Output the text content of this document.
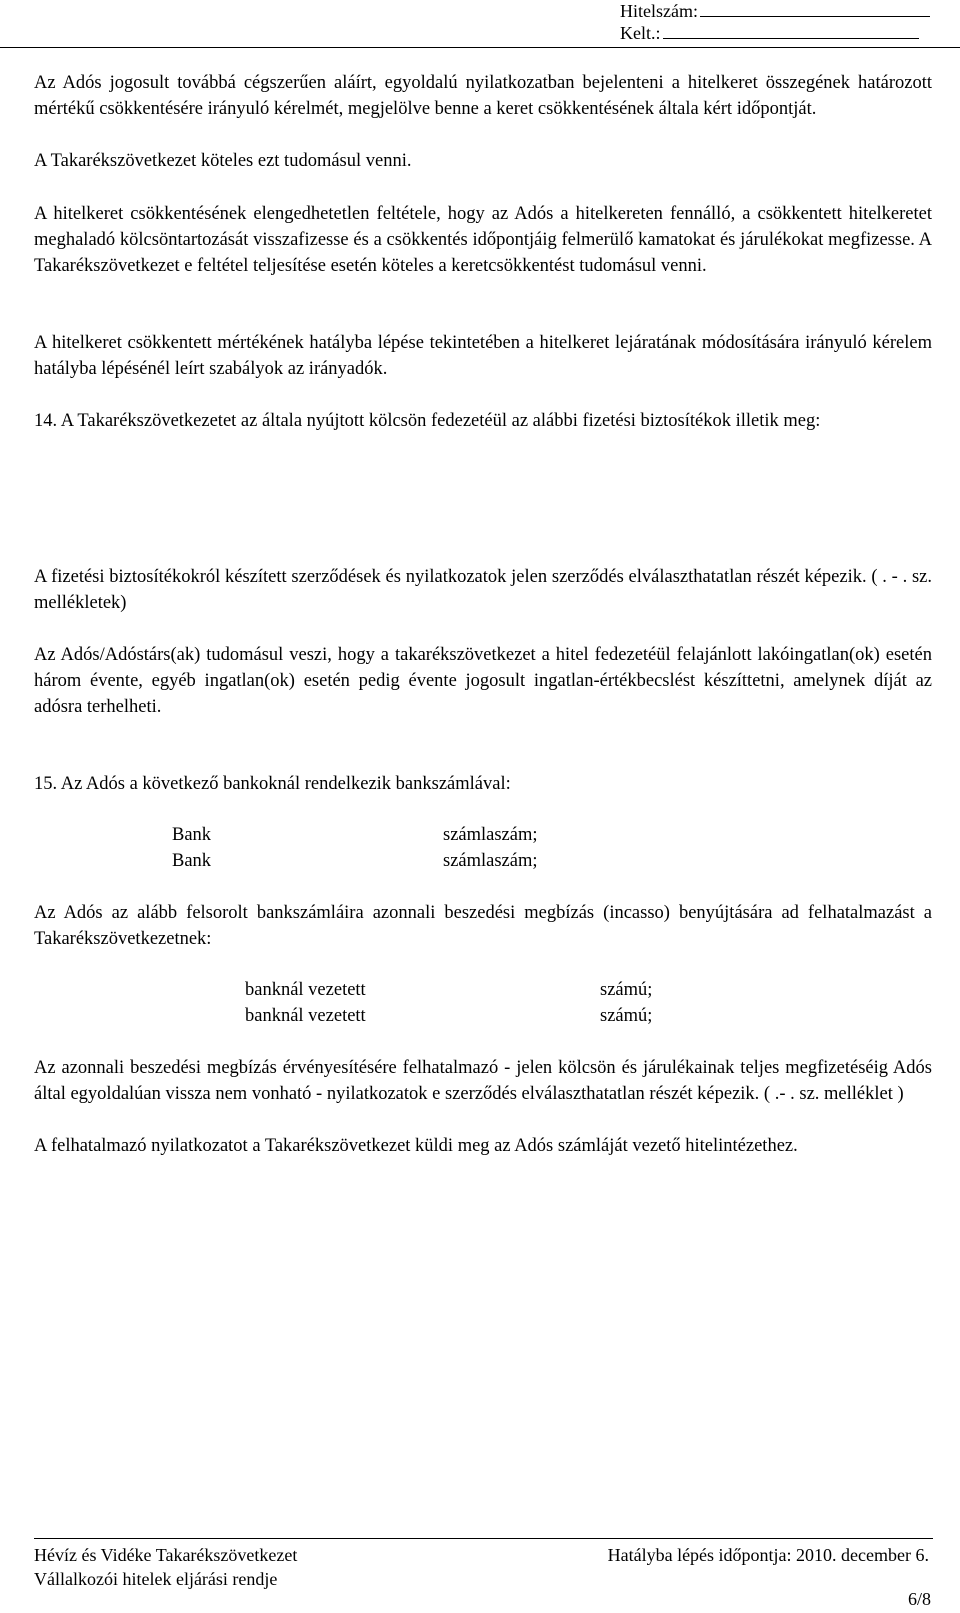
Hitelszám:
Kelt.:

Az Adós jogosult továbbá cégszerűen aláírt, egyoldalú nyilatkozatban bejelenteni a hitelkeret összegének határozott mértékű csökkentésére irányuló kérelmét, megjelölve benne a keret csökkentésének általa kért időpontját.

A Takarékszövetkezet köteles ezt tudomásul venni.

A hitelkeret csökkentésének elengedhetetlen feltétele, hogy az Adós a hitelkereten fennálló, a csökkentett hitelkeretet meghaladó kölcsöntartozását visszafizesse és a csökkentés időpontjáig felmerülő kamatokat és járulékokat megfizesse. A Takarékszövetkezet e feltétel teljesítése esetén köteles a keretcsökkentést tudomásul venni.

A hitelkeret csökkentett mértékének hatályba lépése tekintetében a hitelkeret lejáratának módosítására irányuló kérelem hatályba lépésénél leírt szabályok az irányadók.

14. A Takarékszövetkezetet az általa nyújtott kölcsön fedezetéül az alábbi fizetési biztosítékok illetik meg:

A fizetési biztosítékokról készített szerződések és nyilatkozatok jelen szerződés elválaszthatatlan részét képezik. ( . - . sz. mellékletek)

Az Adós/Adóstárs(ak) tudomásul veszi, hogy a takarékszövetkezet a hitel fedezetéül felajánlott lakóingatlan(ok) esetén három évente, egyéb ingatlan(ok) esetén pedig évente jogosult ingatlan-értékbecslést készíttetni, amelynek díját az adósra terhelheti.

15. Az Adós a következő bankoknál rendelkezik bankszámlával:

Bank	számlaszám;
Bank	számlaszám;

Az Adós az alább felsorolt bankszámláira azonnali beszedési megbízás (incasso) benyújtására ad felhatalmazást a Takarékszövetkezetnek:

banknál vezetett	számú;
banknál vezetett	számú;

Az azonnali beszedési megbízás érvényesítésére felhatalmazó - jelen kölcsön és járulékainak teljes megfizetéséig Adós által egyoldalúan vissza nem vonható - nyilatkozatok e szerződés elválaszthatatlan részét képezik. ( .- . sz. melléklet )

A felhatalmazó nyilatkozatot a Takarékszövetkezet küldi meg az Adós számláját vezető hitelintézethez.

Hévíz és Vidéke Takarékszövetkezet
Vállalkozói hitelek eljárási rendje
Hatályba lépés időpontja: 2010. december 6.
6/8
